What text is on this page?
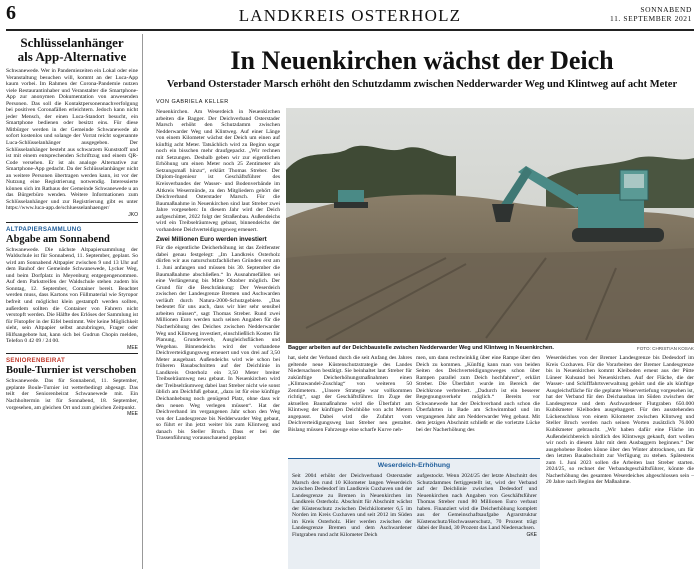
6	LANDKREIS OSTERHOLZ	SONNABEND
11. SEPTEMBER 2021
Schlüsselanhänger
als App-Alternative

Schwanewede. Wer in Pandemiezeiten ein Lokal oder eine Veranstaltung besuchen will, kommt an der Luca-App kaum vorbei. Im Rahmen der Corona-Pandemie nutzen viele Restaurantinhaber und Veranstalter die Smartphone-App zur anonymen Dokumentation von anwesenden Personen. Das soll die Kontaktpersonennachverfolgung bei positiven Coronafällen erleichtern. Jedoch kann nicht jeder Mensch, der einen Luca-Standort besucht, ein Smartphone bedienen oder besitzt eins. Für diese Mitbürger werden in der Gemeinde Schwanewede ab sofort kostenlos und solange der Vorrat reicht sogenannte Luca-Schlüsselanhänger ausgegeben. Der Schlüsselanhänger besteht aus schwarzem Kunststoff und ist mit einem entsprechenden Schriftzug und einem QR-Code versehen. Er ist als analoge Alternative zur Smartphone-App gedacht. Da der Schlüsselanhänger nicht an weitere Personen übertragen werden kann, ist vor der Nutzung eine Registrierung notwendig. Interessierte können sich im Rathaus der Gemeinde Schwanewede u an das Bürgerbüro wenden. Weitere Informationen zum Schlüsselanhänger und zur Registrierung gibt es unter https://www.luca-app.de/schluesselanhaenger/

JKO
ALTPAPIERSAMMLUNG
Abgabe am Sonnabend

Schwanewede. Die nächste Altpapiersammlung der Waldschule ist für Sonnabend, 11. September, geplant. So wird am Sonnabend Altpapier zwischen 9 und 13 Uhr auf dem Bauhof der Gemeinde Schwanewede, Lycker Weg, und beim Dorfplatz in Meyenburg entgegengenommen. Auf dem Parkstreifen der Waldschule stehen zudem bis Sonntag, 12. September, Container bereit. Beachtet werden muss, dass Kartons von Füllmaterial wie Styropor befreit und möglichst klein gestampft werden sollten, außerdem sollten die Container von Fahrern nicht verstopft werden. Die Hälfte des Erlöses der Sammlung ist für Flutopfer in der Eifel bestimmt. Wer keine Möglichkeit sieht, sein Altpapier selbst anzubringen, Frager oder Hilfsangebote hat, kann sich bei Gudrun Chopin melden, Telefon 0 42 09 / 24 00.

MEE
SENIORENBEIRAT
Boule-Turnier ist verschoben

Schwanewede. Das für Sonnabend, 11. September, geplante Boule-Turnier ist wetterbedingt abgesagt. Das teilt der Seniorenbeirat Schwanewede mit. Ein Nachholtermin ist für Sonnabend, 18. September, vorgesehen, am gleichen Ort und zum gleichen Zeitpunkt.

MEE
In Neuenkirchen wächst der Deich
Verband Osterstader Marsch erhöht den Schutzdamm zwischen Nedderwarder Weg und Klintweg auf acht Meter
VON GABRIELA KELLER

Neuenkirchen. Am Weserdeich in Neuenkirchen arbeiten die Bagger. Der Deichverband Osterstader Marsch erhöht den Schutzdamm zwischen Nedderwarder Weg und Klintweg. Auf einer Länge von einem Kilometer wächst der Deich um einen auf künftig acht Meter. Tatsächlich wird zu Beginn sogar noch ein bisschen mehr draufgepackt. „Wir rechnen mit Setzungen. Deshalb geben wir zur eigentlichen Erhöhung um einen Meter noch 25 Zentimeter als Setzungsmaß hinzu“, erklärt Thomas Streber. Der Diplom-Ingenieur ist Geschäftsführer des Kreisverbandes der Wasser- und Bodenverbände im Altkreis Wesermünde, zu den Mitgliedern gehört der Deichverband Osterstader Marsch. Für die Baumaßnahme in Neuenkirchen sind laut Streber zwei Jahre vorgesehen: In diesem Jahr wird der Deich aufgeschüttet, 2022 folgt der Straßenbau. Außendeichs wird ein Treibselräumweg gebaut, binnendeichs der vorhandene Deichverteidigungsweg erneuert.

Zwei Millionen Euro werden investiert

Für die eigentliche Deicherhöhung ist das Zeitfenster dabei genau festgelegt: „Im Landkreis Osterholz dürfen wir aus naturschutzfachlichen Gründen erst am 1. Juni anfangen und müssen bis 30. September die Baumaßnahme abschließen.“ In Ausnahmefällen sei eine Verlängerung bis Mitte Oktober möglich. Der Grund für die Beschränkung: Der Weserdeich zwischen der Landesgrenze Bremen und Aschwarden verläuft durch Natura-2000-Schutzgebiete. „Das bedeutet für uns auch, dass wir hier sehr sensibel arbeiten müssen“, sagt Thomas Streber. Rund zwei Millionen Euro werden nach seinen Angaben für die Nacherhöhung des Deiches zwischen Nedderwarder Weg und Klintweg investiert, einschließlich Kosten für Planung, Grunderwerb, Ausgleichsflächen und Wegebau. Binnendeichs wird der vorhandene Deichverteidigungsweg erneuert und von drei auf 3,50 Meter ausgebaut. Außendeichs wird wie schon bei früheren Bauabschnitten auf der Deichlinie in Landkreis Osterholz ein 3,50 Meter breiter Treibselräumweg neu gebaut. In Neuenkirchen wird der Treibselräumweg dabei laut Streber nicht wie sonst üblich am Deichfuß gebaut, „dazu ist für eine künftige Deichanhebung noch genügend Platz, ohne dass wir den neuen Weg verlegen müssen“. Hat der Deichverband im vergangenen Jahr schon den Weg von der Landesgrenze bis Nedderwarder Weg gebaut, so führt er ihn jetzt weiter bis zum Klintweg und danach bis Steller Bruch. Dass er bei der Trassenführung vorausschauend geplant

Bagger arbeiten auf der Deichbaustelle zwischen Nedderwarder Weg und Klintweg in Neuenkirchen.	FOTO: CHRISTIAN KOSAK

hat, sieht der Verband durch die seit Anfang des Jahres geltende neue Küstenschutzstrategie des Landes Niedersachsen bestätigt. Sie beinhaltet laut Streber für zukünftige Deicherhöhungsmaßnahmen einen „Klimawandel-Zuschlag“ von weiteren 50 Zentimetern. „Unsere Strategie war vollkommen richtig“, sagt der Geschäftsführer. Im Zuge der aktuellen Baumaßnahme wird die Überfahrt am Klintweg der künftigen Deichhöhe von acht Metern angepasst. Dabei wird die Zufahrt vom Deichverteidigungsweg laut Streber neu gestaltet. Bislang müssen Fahrzeuge eine scharfe Kurve neh-

men, um dann rechtwinklig über eine Rampe über den Deich zu kommen. „Künftig kann man von beiden Seiten des Deichverteidigungsweges schon über Rampen parallel zum Deich hochfahren“, erklärt Streber. Die Überfahrt wurde im Bereich der Deichkrone verbreitert. „Dadurch ist ein besserer Begegnungsverkehr möglich.“ Bereits vor Schwanewede hat der Deichverband auch schon die Überfahrten in Bade am Schwimmbad und im vergangenen Jahr am Nedderwarder Weg gebaut. Mit dem jetzigen Abschnitt schließt er die vorletzte Lücke bei der Nacherhöhung des

Weserdeiches von der Bremer Landesgrenze bis Dedesdorf im Kreis Cuxhaven. Für die Vorarbeiten der Bremer Landesgrenze bis in Neuenkirchen kommt Kleiboden erneut aus der Pütte Lüneer Kuhsand bei Neuenkirchen. Auf der Fläche, die der Wasser- und Schifffahrtsverwaltung gehört und die als künftige Ausgleichsfläche für die geplante Weservertiefung vorgesehen ist, hat der Verband für den Deichausbau im Süden zwischen der Landesgrenze und dem Aschwardener Flutgraben 650.000 Kubikmeter Kleiboden ausgebaggert. Für den ausstehenden Lückenschluss von einem Kilometer zwischen Klintweg und Steller Bruch werden nach seinen Worten zusätzlich 76.000 Kubikmeter gebraucht. „Wir haben dafür eine Fläche im Außendeichbereich nördlich des Klintwegs gekauft, dort wollen wir noch in diesem Jahr mit dem Ausbaggern beginnen.“ Der ausgehobene Boden könne über den Winter abtrocknen, um für den letzten Bauabschnitt zur Verfügung zu stehen. Spätestens zum 1. Juni 2023 sollen die Arbeiten laut Streber starten. 2024/25, so rechnet der Verbandsgeschäftsführer, könnte die Nacherhöhung des gesamten Weserdeiches abgeschlossen sein – 20 Jahre nach Beginn der Maßnahme.

Weserdeich-Erhöhung

Seit 2004 erhöht der Deichverband Osterstader Marsch den rund 10 Kilometer langen Weserdeich zwischen Dedesdorf im Landkreis Cuxhaven und der Landesgrenze zu Bremen in Neuenkirchen im Landkreis Osterholz. Abschnitt für Abschnitt wächst der Küstenschutz zwischen Deichkilometer 6,5 im Norden im Kreis Cuxhaven und seit 2012 im Süden im Kreis Osterholz. Hier werden zwischen der Landesgrenze Bremen und dem Aschwardener Flutgraben rund acht Kilometer Deich

aufgestockt. Wenn 2024/25 der letzte Abschnitt des Schutzdammes fertiggestellt ist, wird der Verband auf der Deichlinie zwischen Dedesdorf und Neuenkirchen nach Angaben von Geschäftsführer Thomas Streber rund 80 Millionen Euro verbaut haben. Finanziert wird die Deicherhöhung komplett aus der Gemeinschaftsaufgabe Agrarstruktur Küstenschutz/Hochwasserschutz, 70 Prozent trägt dabei der Bund, 30 Prozent das Land Niedersachsen.

GKE
